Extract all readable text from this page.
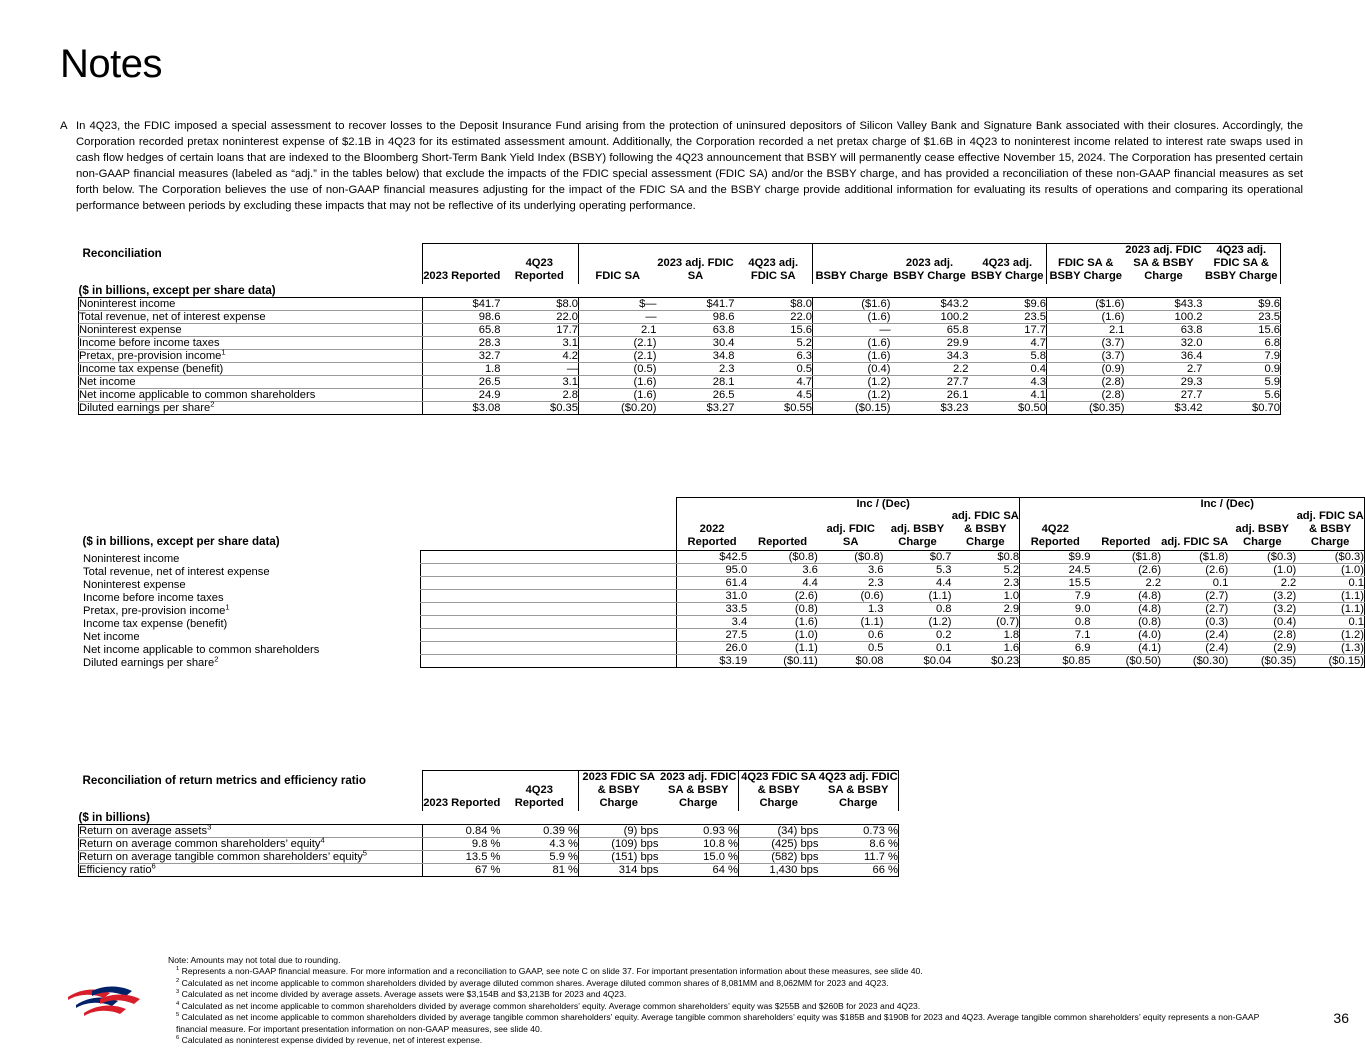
Notes
A In 4Q23, the FDIC imposed a special assessment to recover losses to the Deposit Insurance Fund arising from the protection of uninsured depositors of Silicon Valley Bank and Signature Bank associated with their closures. Accordingly, the Corporation recorded pretax noninterest expense of $2.1B in 4Q23 for its estimated assessment amount. Additionally, the Corporation recorded a net pretax charge of $1.6B in 4Q23 to noninterest income related to interest rate swaps used in cash flow hedges of certain loans that are indexed to the Bloomberg Short-Term Bank Yield Index (BSBY) following the 4Q23 announcement that BSBY will permanently cease effective November 15, 2024. The Corporation has presented certain non-GAAP financial measures (labeled as “adj.” in the tables below) that exclude the impacts of the FDIC special assessment (FDIC SA) and/or the BSBY charge, and has provided a reconciliation of these non-GAAP financial measures as set forth below. The Corporation believes the use of non-GAAP financial measures adjusting for the impact of the FDIC SA and the BSBY charge provide additional information for evaluating its results of operations and comparing its operational performance between periods by excluding these impacts that may not be reflective of its underlying operating performance.
Reconciliation	2023 Reported	4Q23 Reported	FDIC SA	2023 adj. FDIC SA	4Q23 adj. FDIC SA	BSBY Charge	2023 adj. BSBY Charge	4Q23 adj. BSBY Charge	FDIC SA & BSBY Charge	2023 adj. FDIC SA & BSBY Charge	4Q23 adj. FDIC SA & BSBY Charge

($ in billions, except per share data)											
Noninterest income	$41.7	$8.0	$—	$41.7	$8.0	($1.6)	$43.2	$9.6	($1.6)	$43.3	$9.6
Total revenue, net of interest expense	98.6	22.0	—	98.6	22.0	(1.6)	100.2	23.5	(1.6)	100.2	23.5
Noninterest expense	65.8	17.7	2.1	63.8	15.6	—	65.8	17.7	2.1	63.8	15.6
Income before income taxes	28.3	3.1	(2.1)	30.4	5.2	(1.6)	29.9	4.7	(3.7)	32.0	6.8
Pretax, pre-provision income$^1$	32.7	4.2	(2.1)	34.8	6.3	(1.6)	34.3	5.8	(3.7)	36.4	7.9
Income tax expense (benefit)	1.8	—	(0.5)	2.3	0.5	(0.4)	2.2	0.4	(0.9)	2.7	0.9
Net income	26.5	3.1	(1.6)	28.1	4.7	(1.2)	27.7	4.3	(2.8)	29.3	5.9
Net income applicable to common shareholders	24.9	2.8	(1.6)	26.5	4.5	(1.2)	26.1	4.1	(2.8)	27.7	5.6
Diluted earnings per share$^2$	$3.08	$0.35	($0.20)	$3.27	$0.55	($0.15)	$3.23	$0.50	($0.35)	$3.42	$0.70
($ in billions, except per share data)		Inc / (Dec)					Inc / (Dec)			

	2022 Reported	Reported	adj. FDIC SA	adj. BSBY Charge	adj. FDIC SA & BSBY Charge	4Q22 Reported	Reported	adj. FDIC SA	adj. BSBY Charge	adj. FDIC SA & BSBY Charge

Noninterest income	$42.5	($0.8)	($0.8)	$0.7	$0.8	$9.9	($1.8)	($1.8)	($0.3)	($0.3)

Total revenue, net of interest expense	95.0	3.6	3.6	5.3	5.2	24.5	(2.6)	(2.6)	(1.0)	(1.0)

Noninterest expense	61.4	4.4	2.3	4.4	2.3	15.5	2.2	0.1	2.2	0.1

Income before income taxes	31.0	(2.6)	(0.6)	(1.1)	1.0	7.9	(4.8)	(2.7)	(3.2)	(1.1)

Pretax, pre-provision income$^1$	33.5	(0.8)	1.3	0.8	2.9	9.0	(4.8)	(2.7)	(3.2)	(1.1)

Income tax expense (benefit)	3.4	(1.6)	(1.1)	(1.2)	(0.7)	0.8	(0.8)	(0.3)	(0.4)	0.1

Net income	27.5	(1.0)	0.6	0.2	1.8	7.1	(4.0)	(2.4)	(2.8)	(1.2)

Net income applicable to common shareholders	26.0	(1.1)	0.5	0.1	1.6	6.9	(4.1)	(2.4)	(2.9)	(1.3)

Diluted earnings per share$^2$	$3.19	($0.11)	$0.08	$0.04	$0.23	$0.85	($0.50)	($0.30)	($0.35)	($0.15)
Reconciliation of return metrics and efficiency ratio	2023 Reported	4Q23 Reported	2023 FDIC SA & BSBY Charge	2023 adj. FDIC SA & BSBY Charge	4Q23 FDIC SA & BSBY Charge	4Q23 adj. FDIC SA & BSBY Charge

($ in billions)						
Return on average assets$^3$	0.84 %	0.39 %	(9) bps	0.93 %	(34) bps	0.73 %
Return on average common shareholders’ equity$^4$	9.8 %	4.3 %	(109) bps	10.8 %	(425) bps	8.6 %
Return on average tangible common shareholders’ equity$^5$	13.5 %	5.9 %	(151) bps	15.0 %	(582) bps	11.7 %
Efficiency ratio$^6$	67 %	81 %	314 bps	64 %	1,430 bps	66 %
Note: Amounts may not total due to rounding.
$^1$ Represents a non-GAAP financial measure. For more information and a reconciliation to GAAP, see note C on slide 37. For important presentation information about these measures, see slide 40.
$^2$ Calculated as net income applicable to common shareholders divided by average diluted common shares. Average diluted common shares of 8,081MM and 8,062MM for 2023 and 4Q23.
$^3$ Calculated as net income divided by average assets. Average assets were $3,154B and $3,213B for 2023 and 4Q23.
$^4$ Calculated as net income applicable to common shareholders divided by average common shareholders’ equity. Average common shareholders’ equity was $255B and $260B for 2023 and 4Q23.
$^5$ Calculated as net income applicable to common shareholders divided by average tangible common shareholders’ equity. Average tangible common shareholders’ equity was $185B and $190B for 2023 and 4Q23. Average tangible common shareholders’ equity represents a non-GAAP financial measure. For important presentation information on non-GAAP measures, see slide 40.
$^6$ Calculated as noninterest expense divided by revenue, net of interest expense.
36
